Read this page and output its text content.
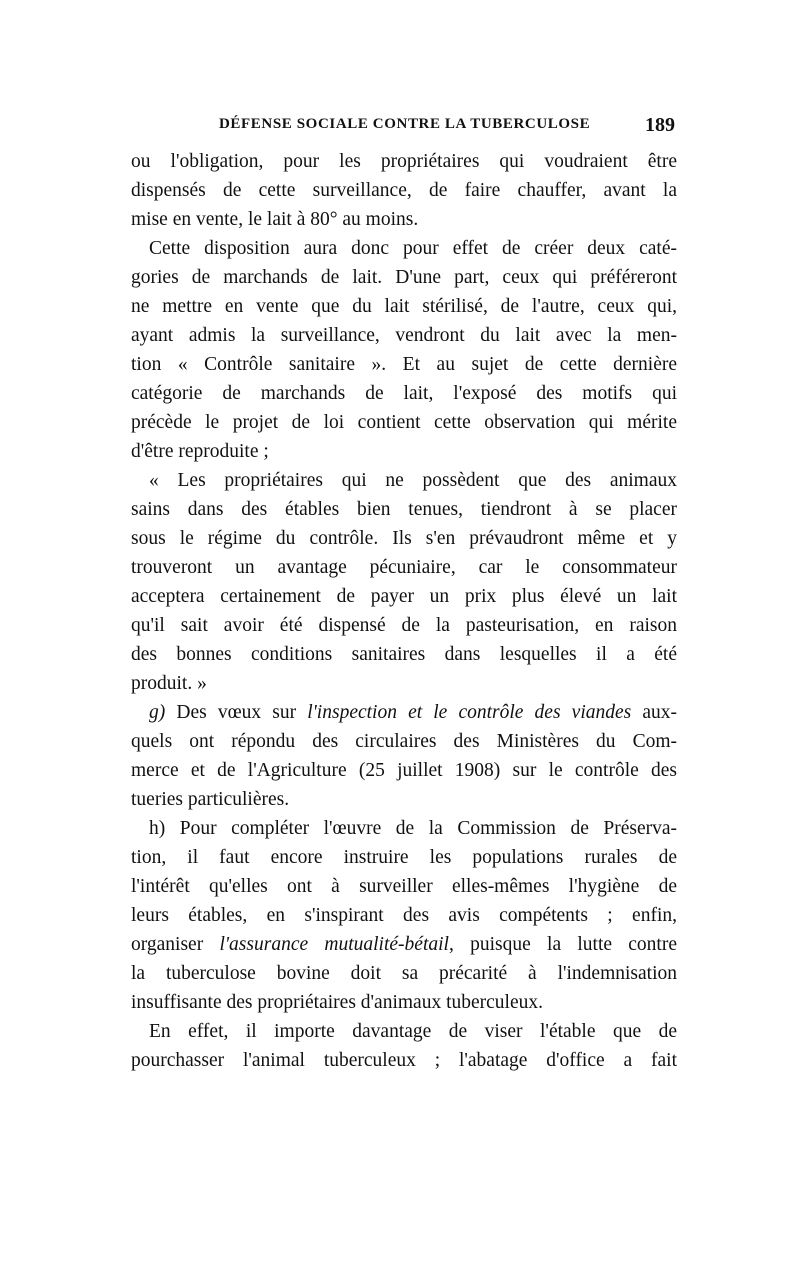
DÉFENSE SOCIALE CONTRE LA TUBERCULOSE	189
ou l'obligation, pour les propriétaires qui voudraient être
dispensés de cette surveillance, de faire chauffer, avant la
mise en vente, le lait à 80° au moins.
Cette disposition aura donc pour effet de créer deux caté-
gories de marchands de lait. D'une part, ceux qui préféreront
ne mettre en vente que du lait stérilisé, de l'autre, ceux qui,
ayant admis la surveillance, vendront du lait avec la men-
tion « Contrôle sanitaire ». Et au sujet de cette dernière
catégorie de marchands de lait, l'exposé des motifs qui
précède le projet de loi contient cette observation qui mérite
d'être reproduite ;
« Les propriétaires qui ne possèdent que des animaux
sains dans des étables bien tenues, tiendront à se placer
sous le régime du contrôle. Ils s'en prévaudront même et y
trouveront un avantage pécuniaire, car le consommateur
acceptera certainement de payer un prix plus élevé un lait
qu'il sait avoir été dispensé de la pasteurisation, en raison
des bonnes conditions sanitaires dans lesquelles il a été
produit. »
g) Des vœux sur l'inspection et le contrôle des viandes aux-
quels ont répondu des circulaires des Ministères du Com-
merce et de l'Agriculture (25 juillet 1908) sur le contrôle des
tueries particulières.
h) Pour compléter l'œuvre de la Commission de Préserva-
tion, il faut encore instruire les populations rurales de
l'intérêt qu'elles ont à surveiller elles-mêmes l'hygiène de
leurs étables, en s'inspirant des avis compétents ; enfin,
organiser l'assurance mutualité-bétail, puisque la lutte contre
la tuberculose bovine doit sa précarité à l'indemnisation
insuffisante des propriétaires d'animaux tuberculeux.
En effet, il importe davantage de viser l'étable que de
pourchasser l'animal tuberculeux ; l'abatage d'office a fait
